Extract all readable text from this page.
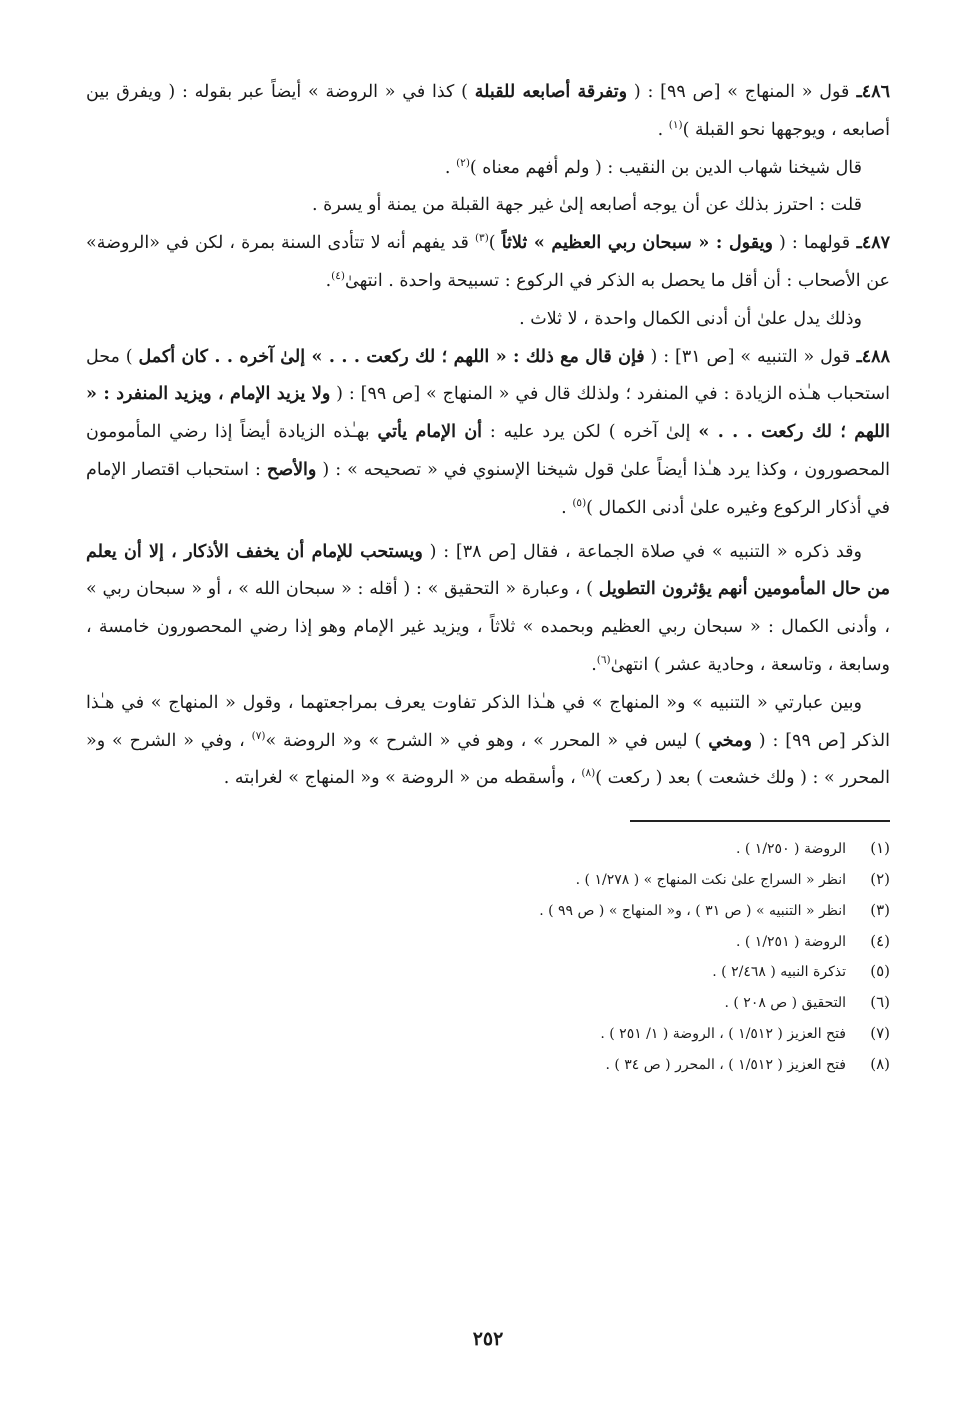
٤٨٦ـ قول « المنهاج » [ص ٩٩] : ( وتفرقة أصابعه للقبلة ) كذا في « الروضة » أيضاً عبر بقوله : ( ويفرق بين أصابعه ، ويوجهها نحو القبلة )$^{(١)}$ .

قال شيخنا شهاب الدين بن النقيب : ( ولم أفهم معناه )$^{(٢)}$ .

قلت : احترز بذلك عن أن يوجه أصابعه إلىٰ غير جهة القبلة من يمنة أو يسرة .

٤٨٧ـ قولهما : ( ويقول : « سبحان ربي العظيم » ثلاثاً )$^{(٣)}$ قد يفهم أنه لا تتأدى السنة بمرة ، لكن في «الروضة» عن الأصحاب : أن أقل ما يحصل به الذكر في الركوع : تسبيحة واحدة . انتهىٰ$^{(٤)}$.

وذلك يدل علىٰ أن أدنى الكمال واحدة ، لا ثلاث .

٤٨٨ـ قول « التنبيه » [ص ٣١] : ( فإن قال مع ذلك : « اللهم ؛ لك ركعت . . . » إلىٰ آخره . . كان أكمل ) محل استحباب هـٰذه الزيادة : في المنفرد ؛ ولذلك قال في « المنهاج » [ص ٩٩] : ( ولا يزيد الإمام ، ويزيد المنفرد : « اللهم ؛ لك ركعت . . . » إلىٰ آخره ) لكن يرد عليه : أن الإمام يأتي بهـٰذه الزيادة أيضاً إذا رضي المأمومون المحصورون ، وكذا يرد هـٰذا أيضاً علىٰ قول شيخنا الإسنوي في « تصحيحه » : ( والأصح : استحباب اقتصار الإمام في أذكار الركوع وغيره علىٰ أدنى الكمال )$^{(٥)}$ .

وقد ذكره « التنبيه » في صلاة الجماعة ، فقال [ص ٣٨] : ( ويستحب للإمام أن يخفف الأذكار ، إلا أن يعلم من حال المأمومين أنهم يؤثرون التطويل ) ، وعبارة « التحقيق » : ( أقله : « سبحان الله » ، أو « سبحان ربي » ، وأدنى الكمال : « سبحان ربي العظيم وبحمده » ثلاثاً ، ويزيد غير الإمام وهو إذا رضي المحصورون خامسة ، وسابعة ، وتاسعة ، وحادية عشر ) انتهىٰ$^{(٦)}$.

وبين عبارتي « التنبيه » و« المنهاج » في هـٰذا الذكر تفاوت يعرف بمراجعتهما ، وقول « المنهاج » في هـٰذا الذكر [ص ٩٩] : ( ومخي ) ليس في « المحرر » ، وهو في « الشرح » و« الروضة »$^{(٧)}$ ، وفي « الشرح » و« المحرر » : ( ولك خشعت ) بعد ( ركعت )$^{(٨)}$ ، وأسقطه من « الروضة » و« المنهاج » لغرابته .

(١)
الروضة ( ١/٢٥٠ ) .
(٢)
انظر « السراج علىٰ نكت المنهاج » ( ١/٢٧٨ ) .
(٣)
انظر « التنبيه » ( ص ٣١ ) ، و« المنهاج » ( ص ٩٩ ) .
(٤)
الروضة ( ١/٢٥١ ) .
(٥)
تذكرة النبيه ( ٢/٤٦٨ ) .
(٦)
التحقيق ( ص ٢٠٨ ) .
(٧)
فتح العزيز ( ١/٥١٢ ) ، الروضة ( ١/ ٢٥١ ) .
(٨)
فتح العزيز ( ١/٥١٢ ) ، المحرر ( ص ٣٤ ) .
٢٥٢
